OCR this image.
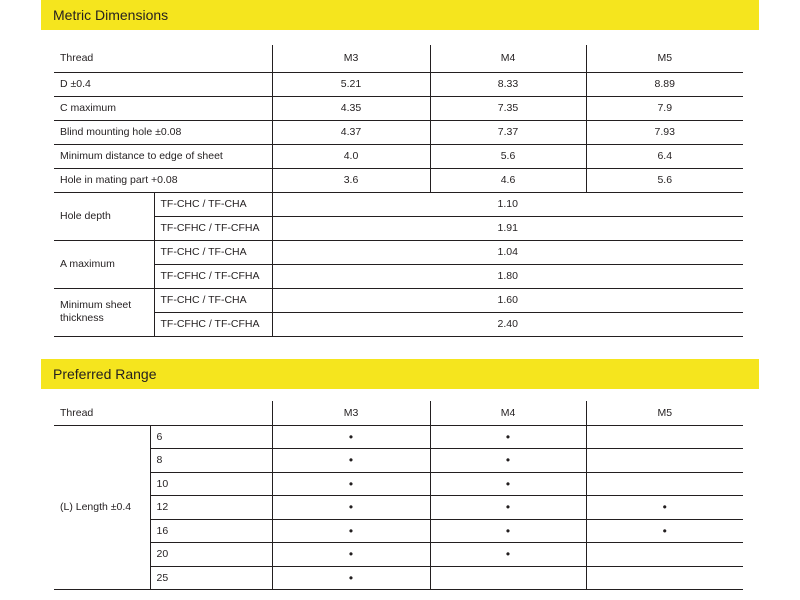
Metric Dimensions
Thread		M3	M4	M5
D ±0.4		5.21	8.33	8.89
C maximum		4.35	7.35	7.9
Blind mounting hole ±0.08		4.37	7.37	7.93
Minimum distance to edge of sheet		4.0	5.6	6.4
Hole in mating part +0.08		3.6	4.6	5.6
Hole depth	TF-CHC / TF-CHA	1.10		
	TF-CFHC / TF-CFHA	1.91		
A maximum	TF-CHC / TF-CHA	1.04		
	TF-CFHC / TF-CFHA	1.80		
Minimum sheet thickness	TF-CHC / TF-CHA	1.60		
	TF-CFHC / TF-CFHA	2.40		
Preferred Range
Thread		M3	M4	M5
(L) Length ±0.4	6	•	•	
	8	•	•	
	10	•	•	
	12	•	•	•
	16	•	•	•
	20	•	•	
	25	•		
